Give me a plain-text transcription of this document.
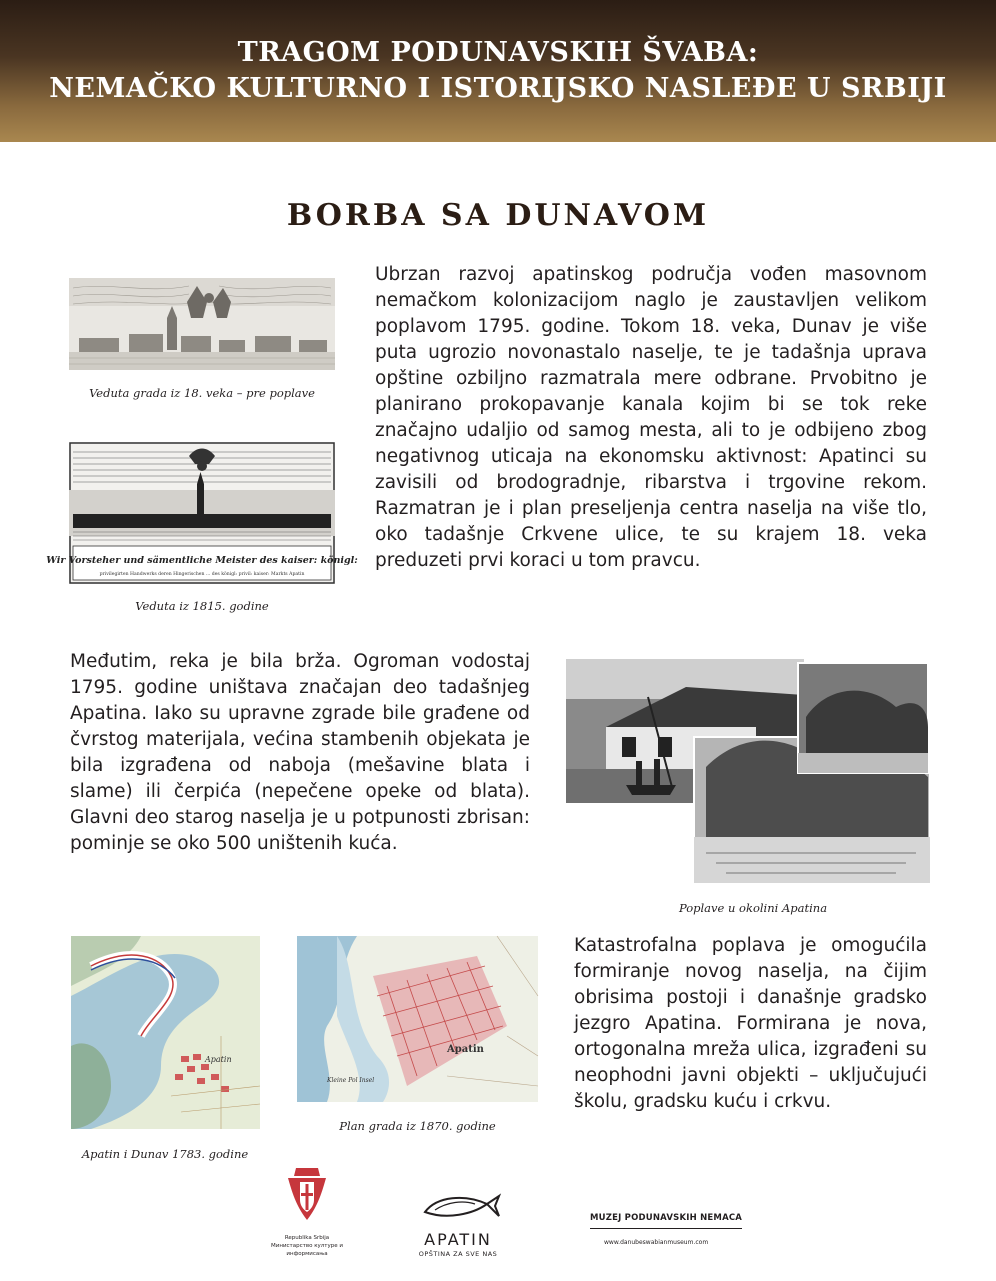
TRAGOM PODUNAVSKIH ŠVABA:
NEMAČKO KULTURNO I ISTORIJSKO NASLEĐE U SRBIJI
BORBA SA DUNAVOM
Veduta grada iz 18. veka – pre poplave
Wir Vorsteher und sämentliche Meister des kaiser: königl:
privilegirten Handwerks deren Hingerischen ... des königl: privil: kaiser: Markts Apatin
Veduta iz 1815. godine
Ubrzan razvoj apatinskog područja vođen masovnom nemačkom kolonizacijom naglo je zaustavljen velikom poplavom 1795. godine. Tokom 18. veka, Dunav je više puta ugrozio novonastalo naselje, te je tadašnja uprava opštine ozbiljno razmatrala mere odbrane. Prvobitno je planirano prokopavanje kanala kojim bi se tok reke značajno udaljio od samog mesta, ali to je odbijeno zbog negativnog uticaja na ekonomsku aktivnost: Apatinci su zavisili od brodogradnje, ribarstva i trgovine rekom. Razmatran je i plan preseljenja centra naselja na više tlo, oko tadašnje Crkvene ulice, te su krajem 18. veka preduzeti prvi koraci u tom pravcu.
Međutim, reka je bila brža. Ogroman vodostaj 1795. godine uništava značajan deo tadašnjeg Apatina. Iako su upravne zgrade bile građene od čvrstog materijala, većina stambenih objekata je bila izgrađena od naboja (mešavine blata i slame) ili čerpića (nepečene opeke od blata). Glavni deo starog naselja je u potpunosti zbrisan: pominje se oko 500 uništenih kuća.
Poplave u okolini Apatina
Apatin
Apatin i Dunav 1783. godine
Apatin
Kleine Pol Insel
Plan grada iz 1870. godine
Katastrofalna poplava je omogućila formiranje novog naselja, na čijim obrisima postoji i današnje gradsko jezgro Apatina. Formirana je nova, ortogonalna mreža ulica, izgrađeni su neophodni javni objekti – uključujući školu, gradsku kuću i crkvu.
Republika Srbija
Министарство културе и информисања
APATIN
OPŠTINA ZA SVE NAS
MUZEJ PODUNAVSKIH NEMACA
www.danubeswabianmuseum.com
